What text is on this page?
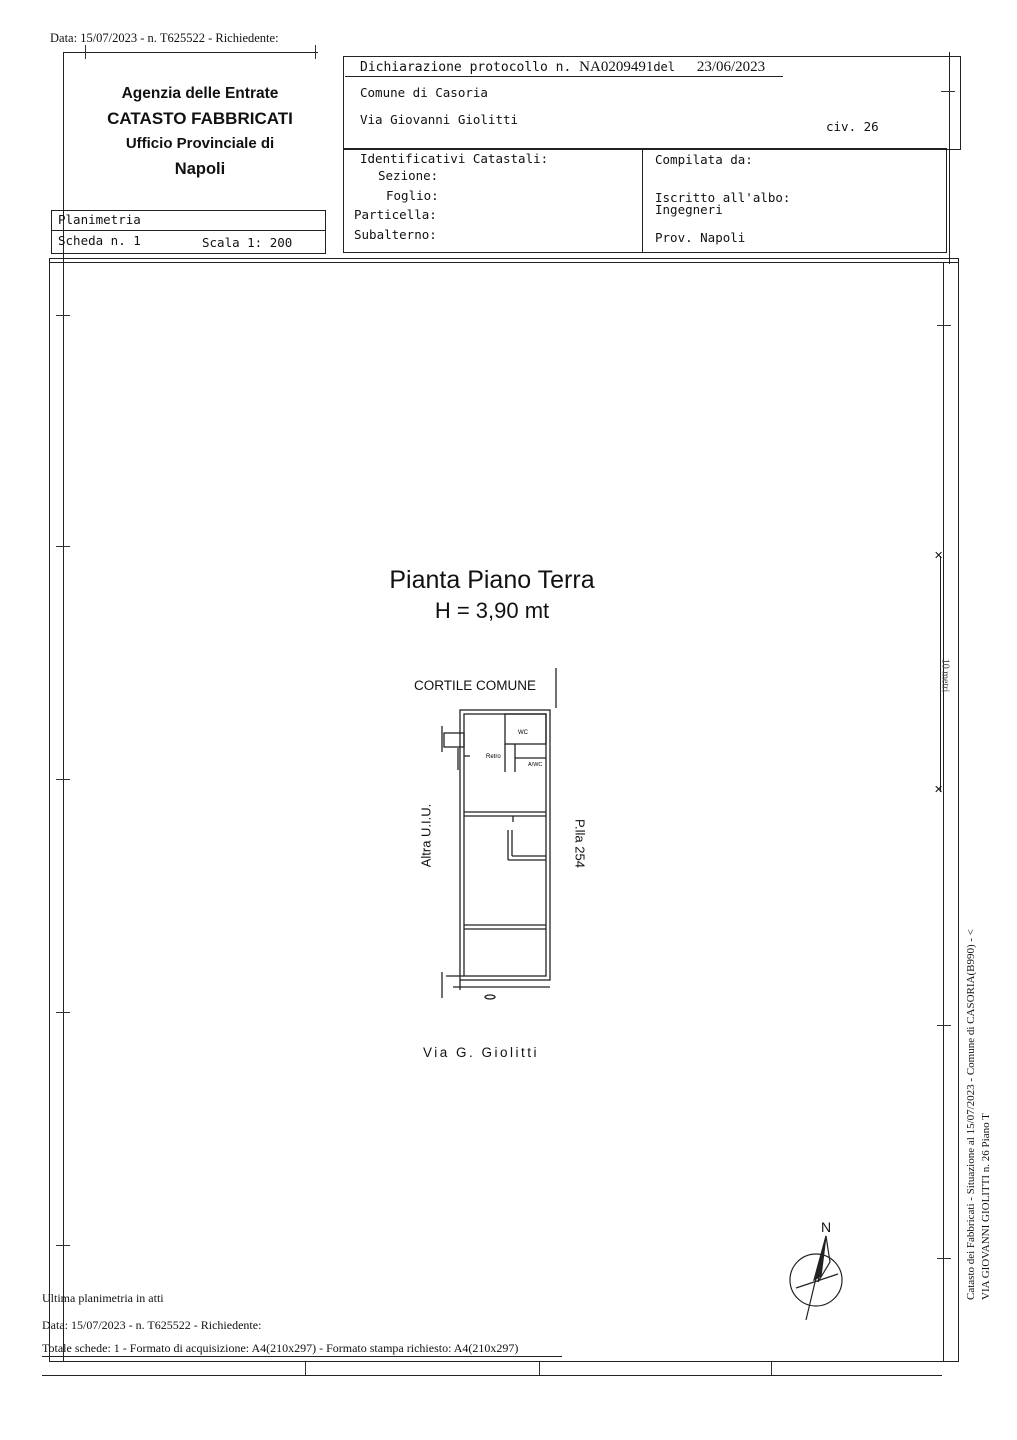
Data: 15/07/2023 - n. T625522 - Richiedente:
Agenzia delle Entrate
CATASTO FABBRICATI
Ufficio Provinciale di
Napoli
Dichiarazione protocollo n. NA0209491del 23/06/2023
Comune di Casoria
Via Giovanni Giolitti	civ. 26
Identificativi Catastali:
Sezione:
Foglio:
Particella:
Subalterno:
Compilata da:
Iscritto all'albo:
Ingegneri
Prov. Napoli
Planimetria
Scheda n. 1	Scala 1: 200
✕
✕
10 metri
Pianta Piano Terra
H = 3,90 mt
CORTILE COMUNE
WC
Retro
A/WC
Altra U.I.U.	P.lla 254
Via G. Giolitti
N	Catasto dei Fabbricati - Situazione al 15/07/2023 - Comune di CASORIA(B990) - < VIA GIOVANNI GIOLITTI n. 26 Piano T
Ultima planimetria in atti
Data: 15/07/2023 - n. T625522 - Richiedente:
Totale schede: 1 - Formato di acquisizione: A4(210x297) - Formato stampa richiesto: A4(210x297)
